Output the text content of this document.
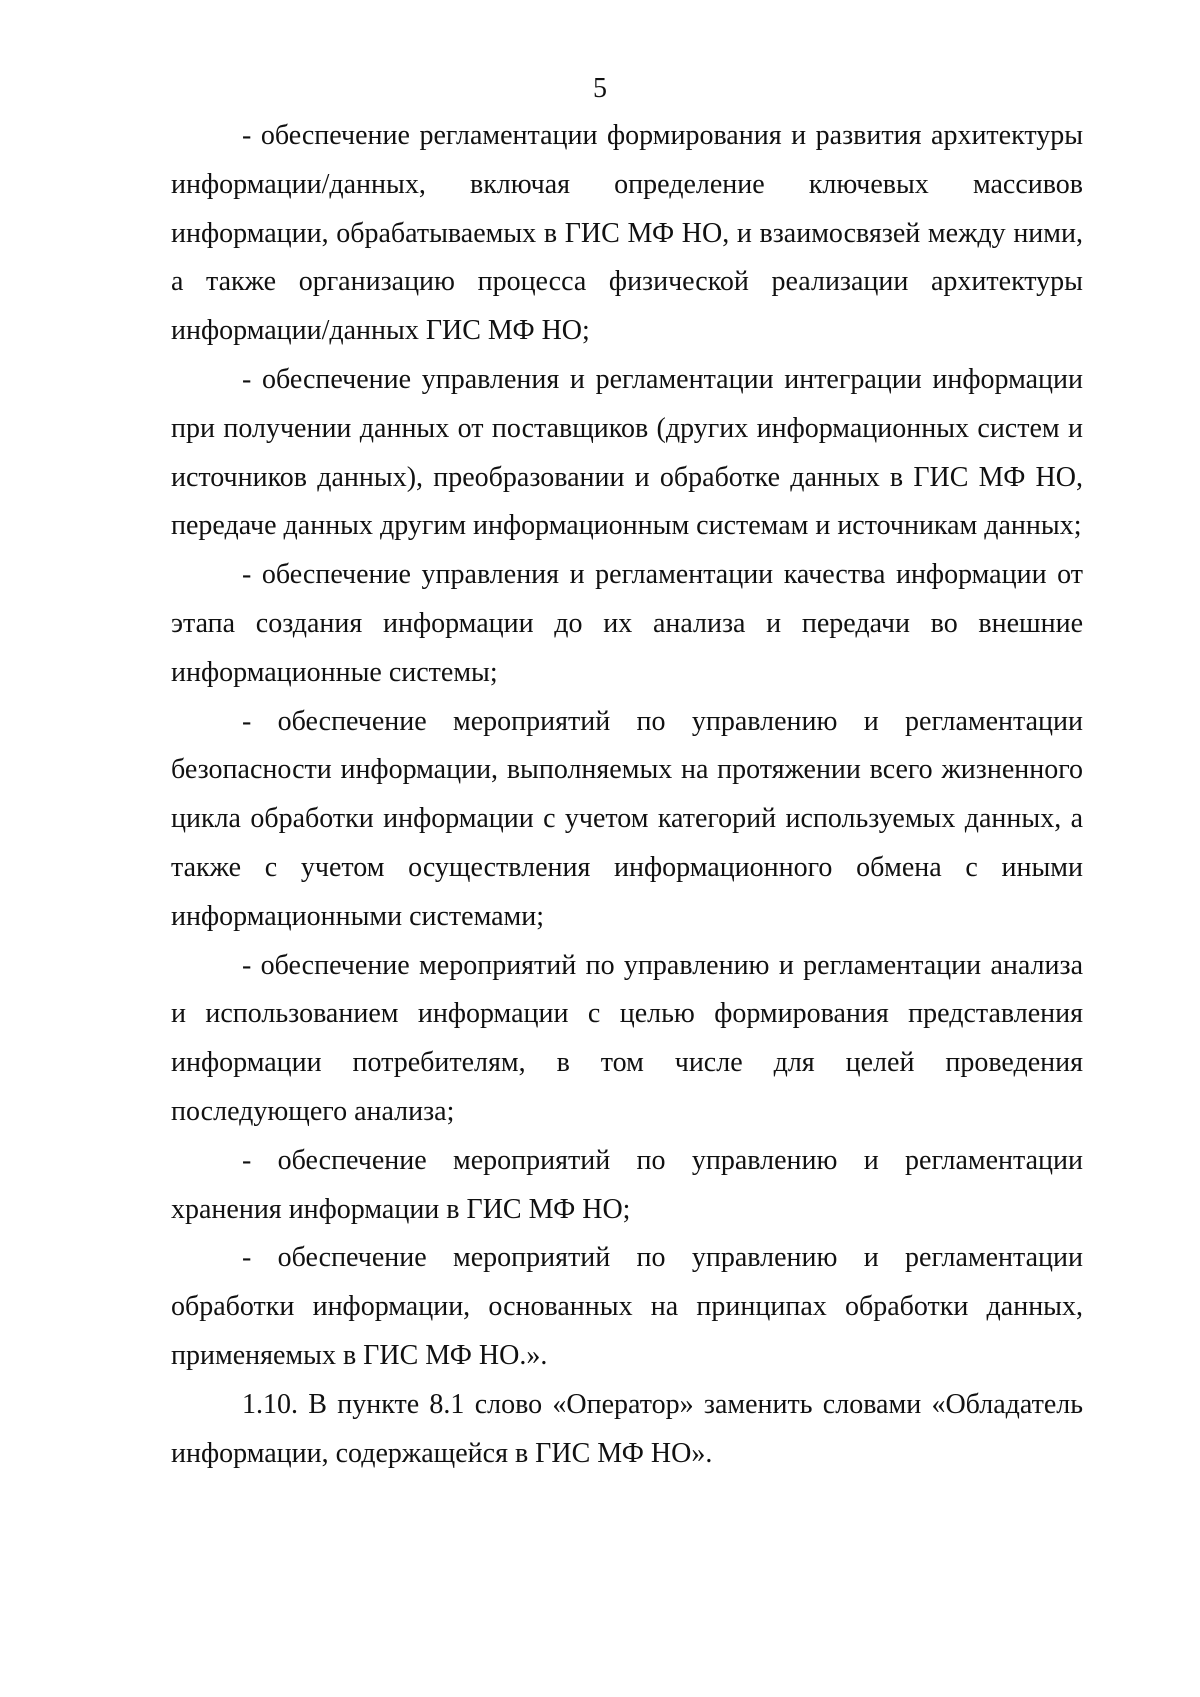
5

- обеспечение регламентации формирования и развития архитектуры информации/данных, включая определение ключевых массивов информации, обрабатываемых в ГИС МФ НО, и взаимосвязей между ними, а также организацию процесса физической реализации архитектуры информации/данных ГИС МФ НО;

- обеспечение управления и регламентации интеграции информации при получении данных от поставщиков (других информационных систем и источников данных), преобразовании и обработке данных в ГИС МФ НО, передаче данных другим информационным системам и источникам данных;

- обеспечение управления и регламентации качества информации от этапа создания информации до их анализа и передачи во внешние информационные системы;

- обеспечение мероприятий по управлению и регламентации безопасности информации, выполняемых на протяжении всего жизненного цикла обработки информации с учетом категорий используемых данных, а также с учетом осуществления информационного обмена с иными информационными системами;

- обеспечение мероприятий по управлению и регламентации анализа и использованием информации с целью формирования представления информации потребителям, в том числе для целей проведения последующего анализа;

- обеспечение мероприятий по управлению и регламентации хранения информации в ГИС МФ НО;

- обеспечение мероприятий по управлению и регламентации обработки информации, основанных на принципах обработки данных, применяемых в ГИС МФ НО.».

1.10. В пункте 8.1 слово «Оператор» заменить словами «Обладатель информации, содержащейся в ГИС МФ НО».
